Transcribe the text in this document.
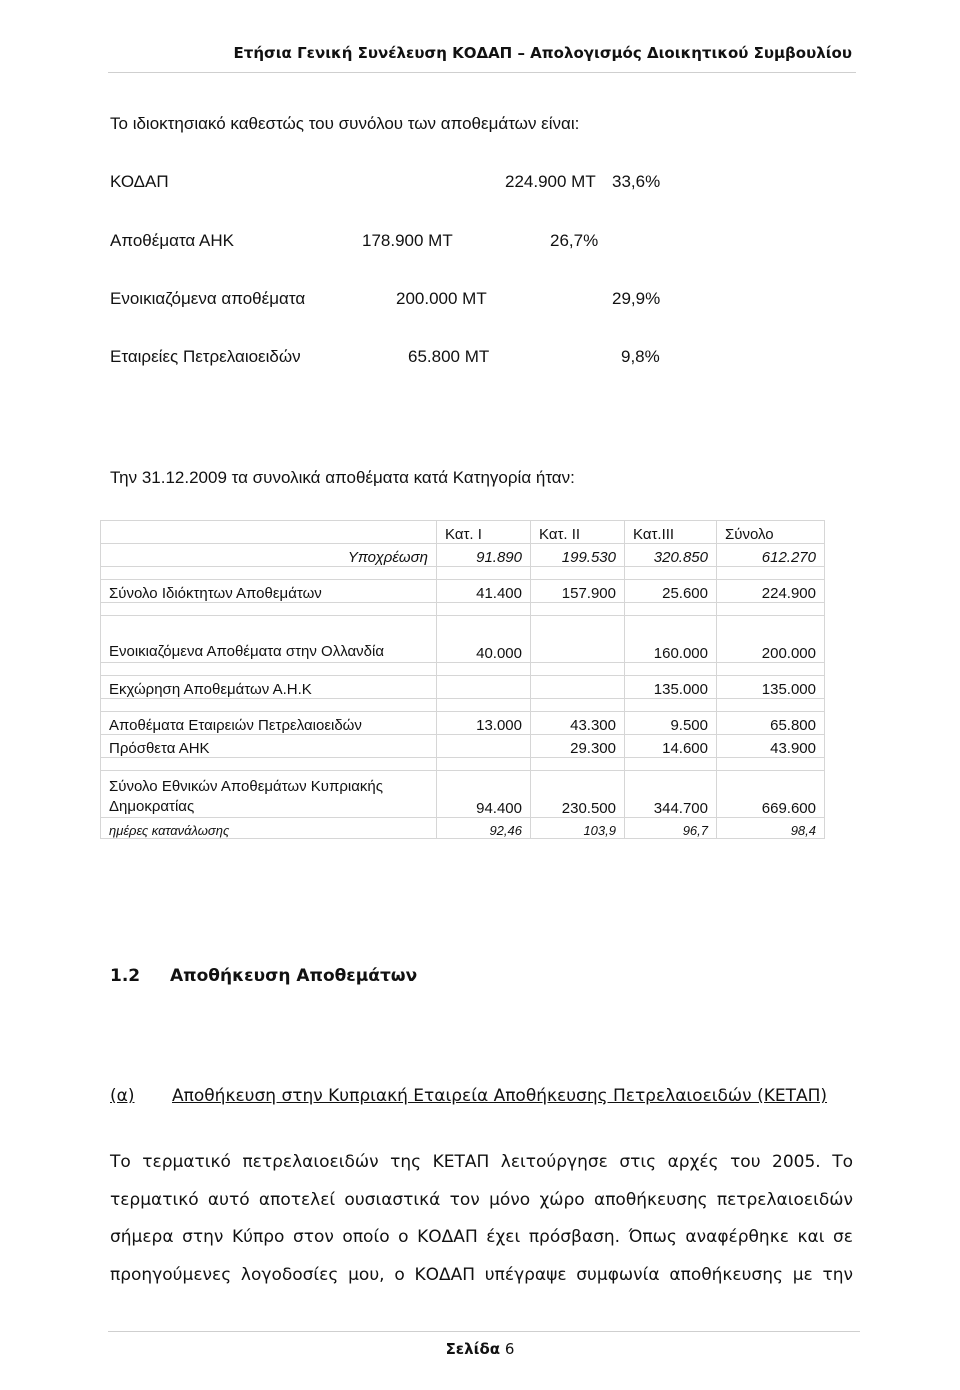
Ετήσια Γενική Συνέλευση ΚΟΔΑΠ – Απολογισμός Διοικητικού Συμβουλίου
Το ιδιοκτησιακό καθεστώς του συνόλου των αποθεμάτων είναι:
ΚΟΔΑΠ	224.900 ΜΤ 33,6%
Αποθέματα ΑΗΚ	178.900 ΜΤ	26,7%
Ενοικιαζόμενα αποθέματα	200.000 ΜΤ	29,9%
Εταιρείες Πετρελαιοειδών	65.800 ΜΤ	9,8%
Την 31.12.2009 τα συνολικά αποθέματα κατά Κατηγορία ήταν:
	Κατ. Ι	Κατ. ΙΙ	Κατ.ΙΙΙ	Σύνολο
Υποχρέωση	91.890	199.530	320.850	612.270

Σύνολο Ιδιόκτητων Αποθεμάτων	41.400	157.900	25.600	224.900

Ενοικιαζόμενα Αποθέματα στην Ολλανδία	40.000		160.000	200.000

Εκχώρηση Αποθεμάτων Α.Η.Κ			135.000	135.000

Αποθέματα Εταιρειών Πετρελαιοειδών	13.000	43.300	9.500	65.800
Πρόσθετα ΑΗΚ		29.300	14.600	43.900

Σύνολο Εθνικών Αποθεμάτων Κυπριακής Δημοκρατίας	94.400	230.500	344.700	669.600
ημέρες κατανάλωσης	92,46	103,9	96,7	98,4
1.2 Αποθήκευση Αποθεμάτων
(α) Αποθήκευση στην Κυπριακή Εταιρεία Αποθήκευσης Πετρελαιοειδών (ΚΕΤΑΠ)
Το τερματικό πετρελαιοειδών της ΚΕΤΑΠ λειτούργησε στις αρχές του 2005. Το
τερματικό αυτό αποτελεί ουσιαστικά τον μόνο χώρο αποθήκευσης πετρελαιοειδών
σήμερα στην Κύπρο στον οποίο ο ΚΟΔΑΠ έχει πρόσβαση. Όπως αναφέρθηκε και σε
προηγούμενες λογοδοσίες μου, ο ΚΟΔΑΠ υπέγραψε συμφωνία αποθήκευσης με την
Σελίδα 6
